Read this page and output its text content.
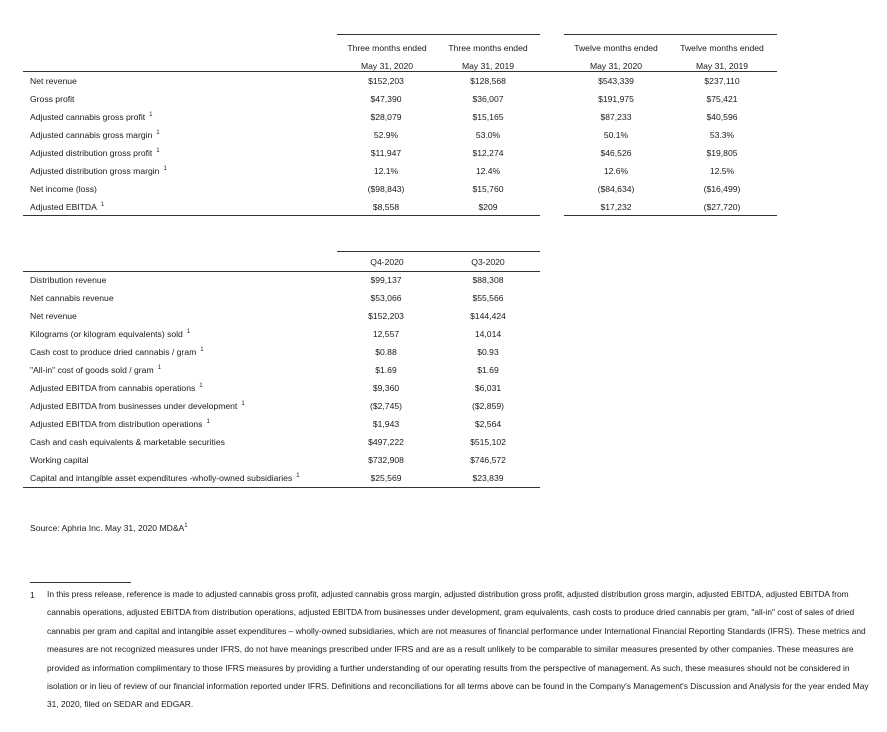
Three months ended
May 31, 2020
Three months ended
May 31, 2019
Twelve months ended
May 31, 2020
Twelve months ended
May 31, 2019
Net revenue	$152,203	$128,568	$543,339	$237,110
Gross profit	$47,390	$36,007	$191,975	$75,421
Adjusted cannabis gross profit $^1$	$28,079	$15,165	$87,233	$40,596
Adjusted cannabis gross margin $^1$	52.9%	53.0%	50.1%	53.3%
Adjusted distribution gross profit $^1$	$11,947	$12,274	$46,526	$19,805
Adjusted distribution gross margin $^1$	12.1%	12.4%	12.6%	12.5%
Net income (loss)	($98,843)	$15,760	($84,634)	($16,499)
Adjusted EBITDA $^1$	$8,558	$209	$17,232	($27,720)
Q4-2020	Q3-2020
Distribution revenue	$99,137	$88,308
Net cannabis revenue	$53,066	$55,566
Net revenue	$152,203	$144,424
Kilograms (or kilogram equivalents) sold $^1$	12,557	14,014
Cash cost to produce dried cannabis / gram $^1$	$0.88	$0.93
"All-in" cost of goods sold / gram $^1$	$1.69	$1.69
Adjusted EBITDA from cannabis operations $^1$	$9,360	$6,031
Adjusted EBITDA from businesses under development $^1$	($2,745)	($2,859)
Adjusted EBITDA from distribution operations $^1$	$1,943	$2,564
Cash and cash equivalents & marketable securities	$497,222	$515,102
Working capital	$732,908	$746,572
Capital and intangible asset expenditures -wholly-owned subsidiaries $^1$	$25,569	$23,839
Source: Aphria Inc. May 31, 2020 $MD\&A^1$
1 In this press release, reference is made to adjusted cannabis gross profit, adjusted cannabis gross margin, adjusted distribution gross profit, adjusted distribution gross margin, adjusted EBITDA, adjusted EBITDA from cannabis operations, adjusted EBITDA from distribution operations, adjusted EBITDA from businesses under development, gram equivalents, cash costs to produce dried cannabis per gram, "all-in" cost of sales of dried cannabis per gram and capital and intangible asset expenditures – wholly-owned subsidiaries, which are not measures of financial performance under International Financial Reporting Standards (IFRS). These metrics and measures are not recognized measures under IFRS, do not have meanings prescribed under IFRS and are as a result unlikely to be comparable to similar measures presented by other companies. These measures are provided as information complimentary to those IFRS measures by providing a further understanding of our operating results from the perspective of management. As such, these measures should not be considered in isolation or in lieu of review of our financial information reported under IFRS. Definitions and reconciliations for all terms above can be found in the Company's Management's Discussion and Analysis for the year ended May 31, 2020, filed on SEDAR and EDGAR.
